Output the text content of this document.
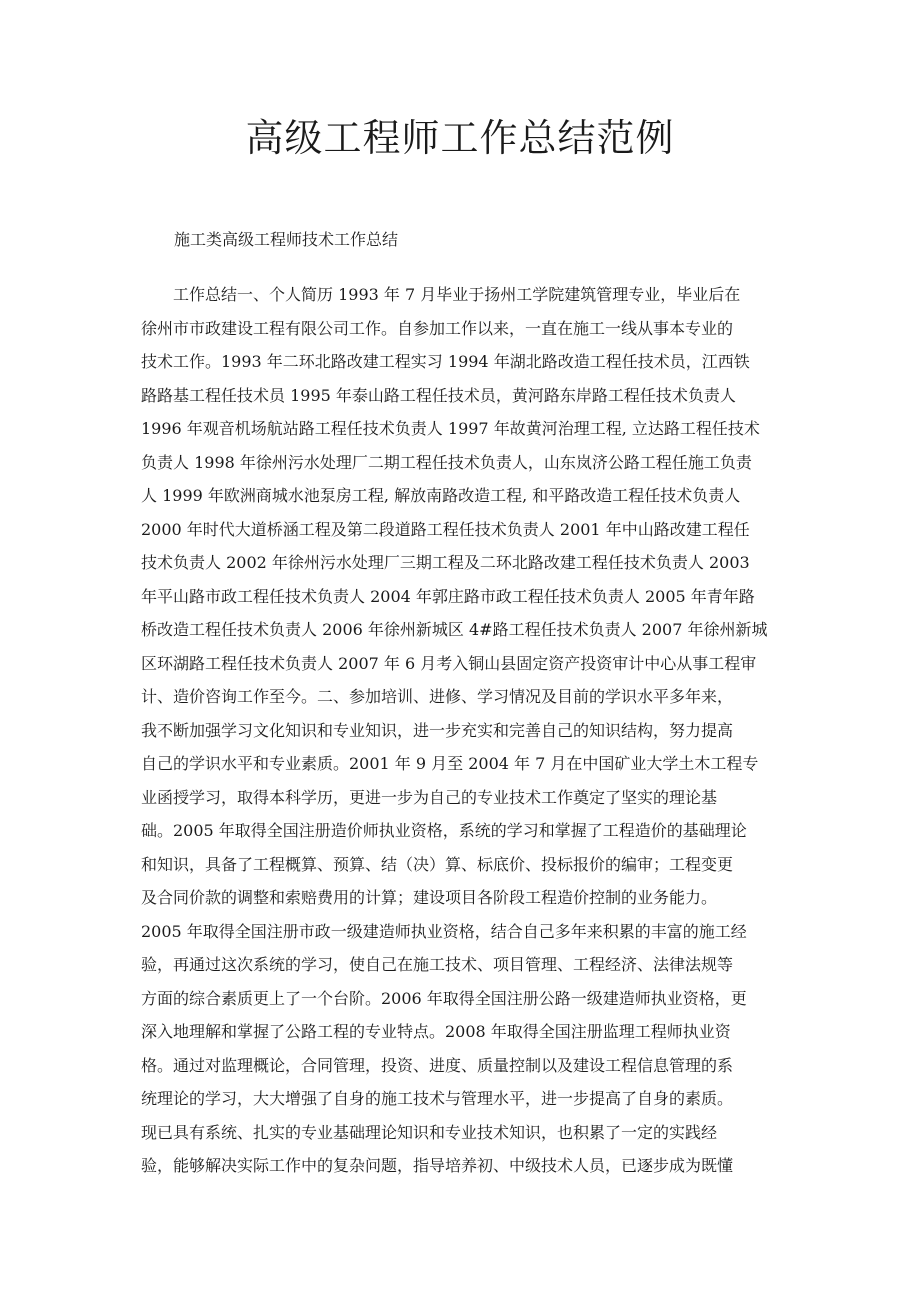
高级工程师工作总结范例

施工类高级工程师技术工作总结

工作总结一、个人简历 1993 年 7 月毕业于扬州工学院建筑管理专业，毕业后在
徐州市市政建设工程有限公司工作。自参加工作以来，一直在施工一线从事本专业的
技术工作。1993 年二环北路改建工程实习 1994 年湖北路改造工程任技术员，江西铁
路路基工程任技术员 1995 年泰山路工程任技术员，黄河路东岸路工程任技术负责人
1996 年观音机场航站路工程任技术负责人 1997 年故黄河治理工程, 立达路工程任技术
负责人 1998 年徐州污水处理厂二期工程任技术负责人，山东岚济公路工程任施工负责
人 1999 年欧洲商城水池泵房工程, 解放南路改造工程, 和平路改造工程任技术负责人
2000 年时代大道桥涵工程及第二段道路工程任技术负责人 2001 年中山路改建工程任
技术负责人 2002 年徐州污水处理厂三期工程及二环北路改建工程任技术负责人 2003
年平山路市政工程任技术负责人 2004 年郭庄路市政工程任技术负责人 2005 年青年路
桥改造工程任技术负责人 2006 年徐州新城区 4#路工程任技术负责人 2007 年徐州新城
区环湖路工程任技术负责人 2007 年 6 月考入铜山县固定资产投资审计中心从事工程审
计、造价咨询工作至今。二、参加培训、进修、学习情况及目前的学识水平多年来，
我不断加强学习文化知识和专业知识，进一步充实和完善自己的知识结构，努力提高
自己的学识水平和专业素质。2001 年 9 月至 2004 年 7 月在中国矿业大学土木工程专
业函授学习，取得本科学历，更进一步为自己的专业技术工作奠定了坚实的理论基
础。2005 年取得全国注册造价师执业资格，系统的学习和掌握了工程造价的基础理论
和知识，具备了工程概算、预算、结（决）算、标底价、投标报价的编审；工程变更
及合同价款的调整和索赔费用的计算；建设项目各阶段工程造价控制的业务能力。
2005 年取得全国注册市政一级建造师执业资格，结合自己多年来积累的丰富的施工经
验，再通过这次系统的学习，使自己在施工技术、项目管理、工程经济、法律法规等
方面的综合素质更上了一个台阶。2006 年取得全国注册公路一级建造师执业资格，更
深入地理解和掌握了公路工程的专业特点。2008 年取得全国注册监理工程师执业资
格。通过对监理概论，合同管理，投资、进度、质量控制以及建设工程信息管理的系
统理论的学习，大大增强了自身的施工技术与管理水平，进一步提高了自身的素质。
现已具有系统、扎实的专业基础理论知识和专业技术知识，也积累了一定的实践经
验，能够解决实际工作中的复杂问题，指导培养初、中级技术人员，已逐步成为既懂
